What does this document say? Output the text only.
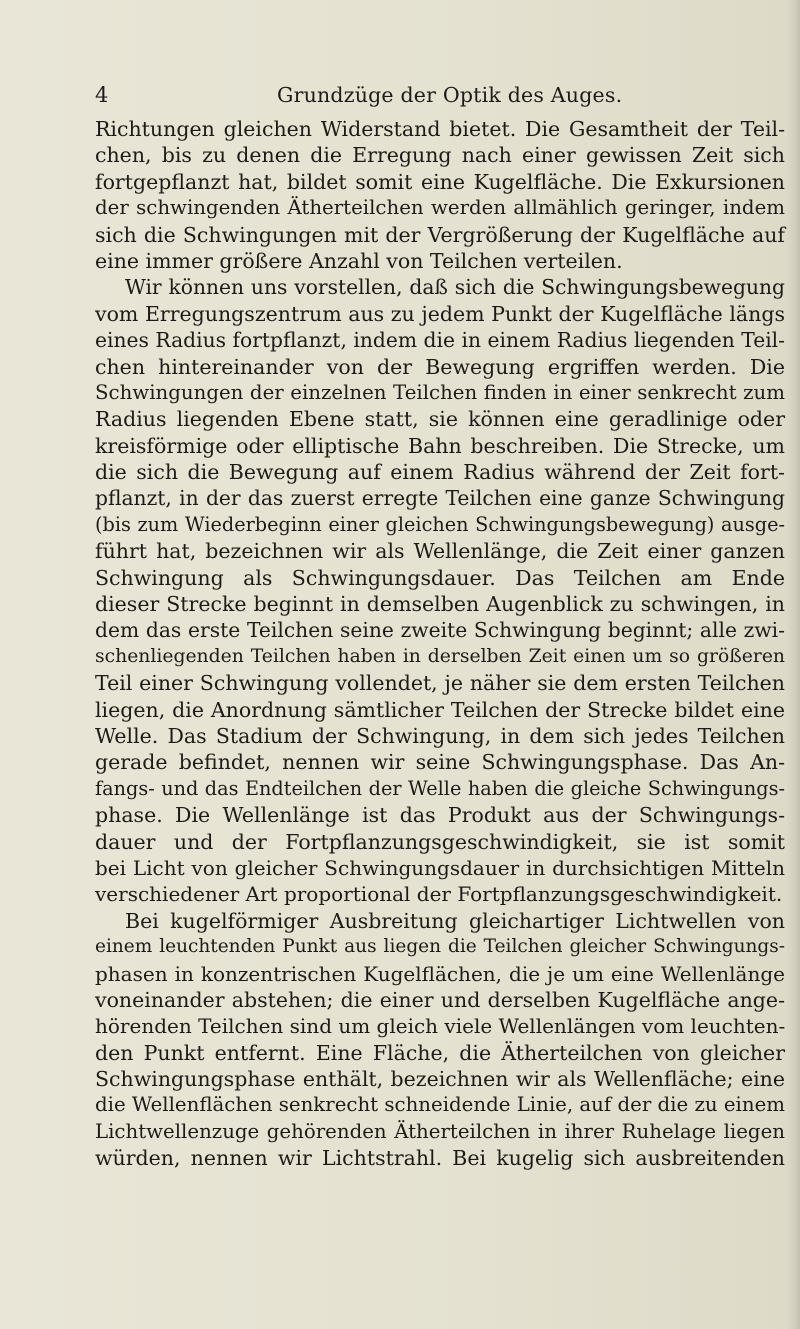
4	Grundzüge der Optik des Auges.
Richtungen gleichen Widerstand bietet. Die Gesamtheit der Teil-
chen, bis zu denen die Erregung nach einer gewissen Zeit sich
fortgepflanzt hat, bildet somit eine Kugelfläche. Die Exkursionen
der schwingenden Ätherteilchen werden allmählich geringer, indem
sich die Schwingungen mit der Vergrößerung der Kugelfläche auf
eine immer größere Anzahl von Teilchen verteilen.
Wir können uns vorstellen, daß sich die Schwingungsbewegung
vom Erregungszentrum aus zu jedem Punkt der Kugelfläche längs
eines Radius fortpflanzt, indem die in einem Radius liegenden Teil-
chen hintereinander von der Bewegung ergriffen werden. Die
Schwingungen der einzelnen Teilchen finden in einer senkrecht zum
Radius liegenden Ebene statt, sie können eine geradlinige oder
kreisförmige oder elliptische Bahn beschreiben. Die Strecke, um
die sich die Bewegung auf einem Radius während der Zeit fort-
pflanzt, in der das zuerst erregte Teilchen eine ganze Schwingung
(bis zum Wiederbeginn einer gleichen Schwingungsbewegung) ausge-
führt hat, bezeichnen wir als Wellenlänge, die Zeit einer ganzen
Schwingung als Schwingungsdauer. Das Teilchen am Ende
dieser Strecke beginnt in demselben Augenblick zu schwingen, in
dem das erste Teilchen seine zweite Schwingung beginnt; alle zwi-
schenliegenden Teilchen haben in derselben Zeit einen um so größeren
Teil einer Schwingung vollendet, je näher sie dem ersten Teilchen
liegen, die Anordnung sämtlicher Teilchen der Strecke bildet eine
Welle. Das Stadium der Schwingung, in dem sich jedes Teilchen
gerade befindet, nennen wir seine Schwingungsphase. Das An-
fangs- und das Endteilchen der Welle haben die gleiche Schwingungs-
phase. Die Wellenlänge ist das Produkt aus der Schwingungs-
dauer und der Fortpflanzungsgeschwindigkeit, sie ist somit
bei Licht von gleicher Schwingungsdauer in durchsichtigen Mitteln
verschiedener Art proportional der Fortpflanzungsgeschwindigkeit.
Bei kugelförmiger Ausbreitung gleichartiger Lichtwellen von
einem leuchtenden Punkt aus liegen die Teilchen gleicher Schwingungs-
phasen in konzentrischen Kugelflächen, die je um eine Wellenlänge
voneinander abstehen; die einer und derselben Kugelfläche ange-
hörenden Teilchen sind um gleich viele Wellenlängen vom leuchten-
den Punkt entfernt. Eine Fläche, die Ätherteilchen von gleicher
Schwingungsphase enthält, bezeichnen wir als Wellenfläche; eine
die Wellenflächen senkrecht schneidende Linie, auf der die zu einem
Lichtwellenzuge gehörenden Ätherteilchen in ihrer Ruhelage liegen
würden, nennen wir Lichtstrahl. Bei kugelig sich ausbreitenden
